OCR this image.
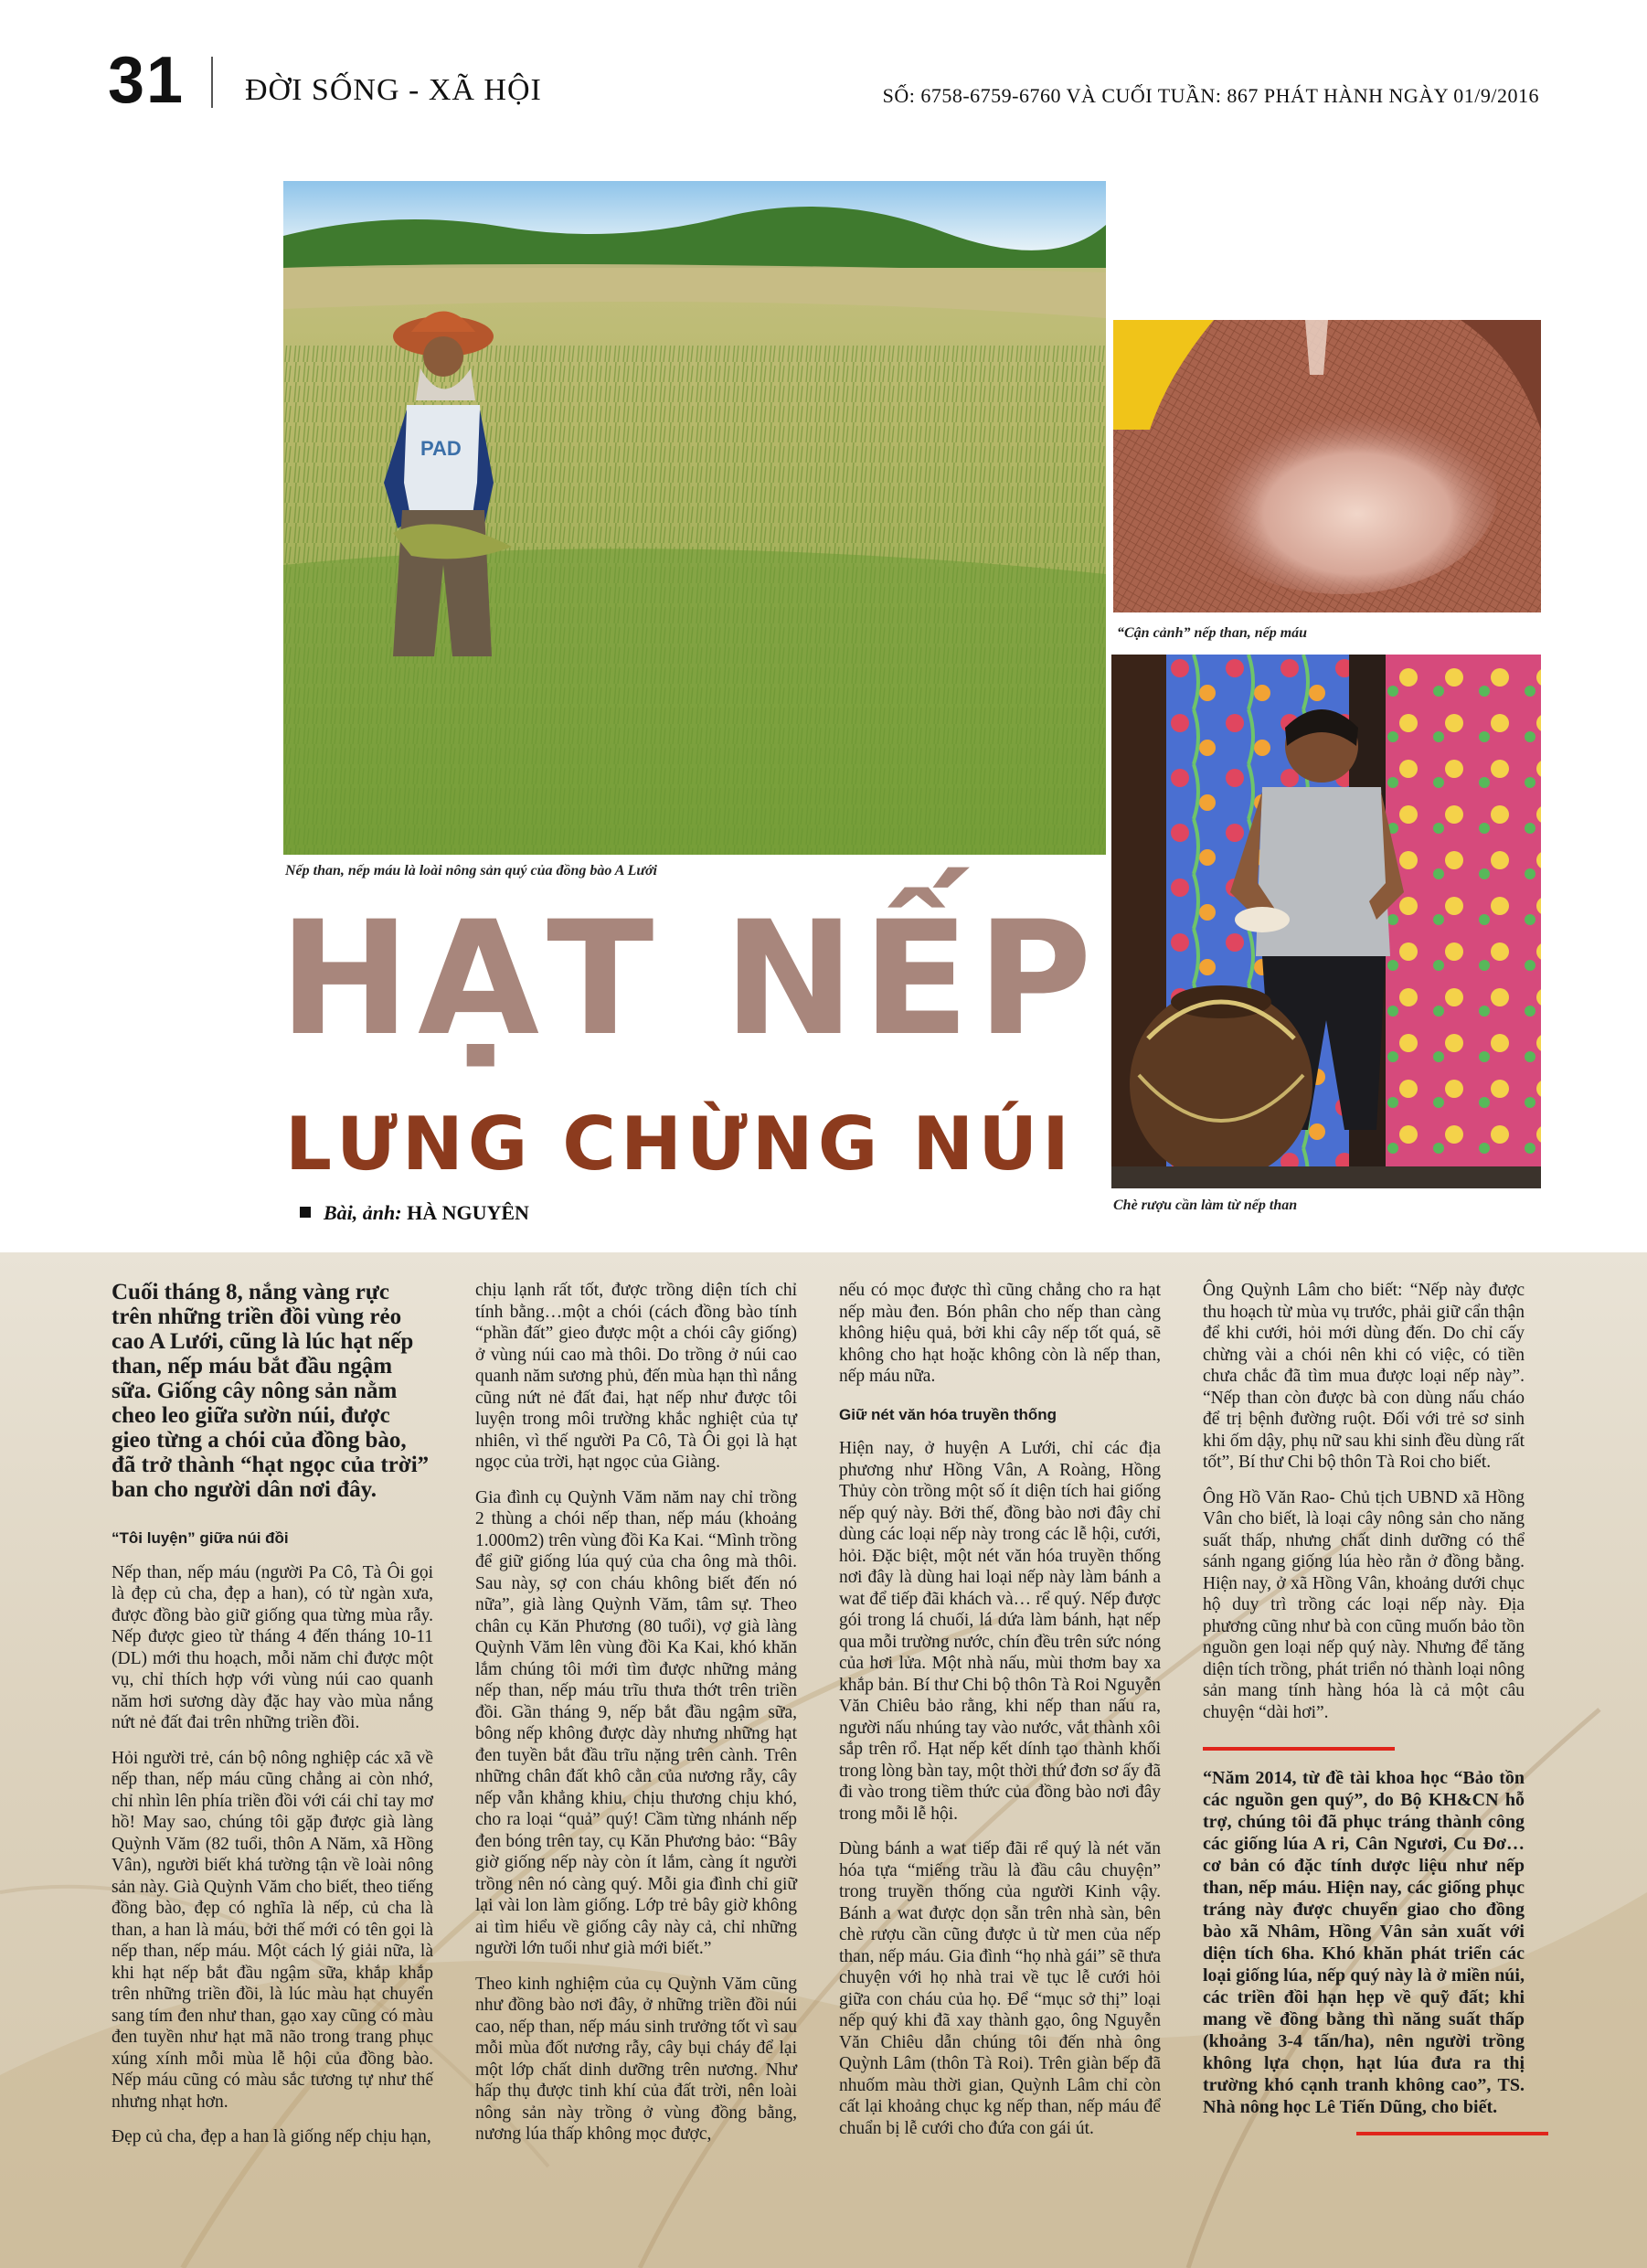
31 ĐỜI SỐNG - XÃ HỘI	SỐ: 6758-6759-6760 VÀ CUỐI TUẦN: 867 PHÁT HÀNH NGÀY 01/9/2016
PAD
Nếp than, nếp máu là loài nông sản quý của đồng bào A Lưới
“Cận cảnh” nếp than, nếp máu
Chè rượu cần làm từ nếp than
HẠT NẾP
LƯNG CHỪNG NÚI
Bài, ảnh: HÀ NGUYÊN

Cuối tháng 8, nắng vàng rực trên những triền đồi vùng rẻo cao A Lưới, cũng là lúc hạt nếp than, nếp máu bắt đầu ngậm sữa. Giống cây nông sản nằm cheo leo giữa sườn núi, được gieo từng a chói của đồng bào, đã trở thành “hạt ngọc của trời” ban cho người dân nơi đây.

“Tôi luyện” giữa núi đồi

Nếp than, nếp máu (người Pa Cô, Tà Ôi gọi là đẹp củ cha, đẹp a han), có từ ngàn xưa, được đồng bào giữ giống qua từng mùa rẫy. Nếp được gieo từ tháng 4 đến tháng 10-11 (DL) mới thu hoạch, mỗi năm chỉ được một vụ, chỉ thích hợp với vùng núi cao quanh năm hơi sương dày đặc hay vào mùa nắng nứt nẻ đất đai trên những triền đồi.

Hỏi người trẻ, cán bộ nông nghiệp các xã về nếp than, nếp máu cũng chẳng ai còn nhớ, chỉ nhìn lên phía triền đồi với cái chỉ tay mơ hồ! May sao, chúng tôi gặp được già làng Quỳnh Văm (82 tuổi, thôn A Năm, xã Hồng Vân), người biết khá tường tận về loài nông sản này. Già Quỳnh Văm cho biết, theo tiếng đồng bào, đẹp có nghĩa là nếp, củ cha là than, a han là máu, bởi thế mới có tên gọi là nếp than, nếp máu. Một cách lý giải nữa, là khi hạt nếp bắt đầu ngậm sữa, khắp khắp trên những triền đồi, là lúc màu hạt chuyển sang tím đen như than, gạo xay cũng có màu đen tuyền như hạt mã não trong trang phục xúng xính mỗi mùa lễ hội của đồng bào. Nếp máu cũng có màu sắc tương tự như thế nhưng nhạt hơn.

Đẹp củ cha, đẹp a han là giống nếp chịu hạn,

chịu lạnh rất tốt, được trồng diện tích chỉ tính bằng…một a chói (cách đồng bào tính “phần đất” gieo được một a chói cây giống) ở vùng núi cao mà thôi. Do trồng ở núi cao quanh năm sương phủ, đến mùa hạn thì nắng cũng nứt nẻ đất đai, hạt nếp như được tôi luyện trong môi trường khắc nghiệt của tự nhiên, vì thế người Pa Cô, Tà Ôi gọi là hạt ngọc của trời, hạt ngọc của Giàng.

Gia đình cụ Quỳnh Văm năm nay chỉ trồng 2 thùng a chói nếp than, nếp máu (khoảng 1.000m2) trên vùng đồi Ka Kai. “Mình trồng để giữ giống lúa quý của cha ông mà thôi. Sau này, sợ con cháu không biết đến nó nữa”, già làng Quỳnh Văm, tâm sự. Theo chân cụ Kăn Phương (80 tuổi), vợ già làng Quỳnh Văm lên vùng đồi Ka Kai, khó khăn lắm chúng tôi mới tìm được những mảng nếp than, nếp máu trĩu thưa thớt trên triền đồi. Gần tháng 9, nếp bắt đầu ngậm sữa, bông nếp không được dày nhưng những hạt đen tuyền bắt đầu trĩu nặng trên cành. Trên những chân đất khô cằn của nương rẫy, cây nếp vẫn khẳng khiu, chịu thương chịu khó, cho ra loại “quả” quý! Cầm từng nhánh nếp đen bóng trên tay, cụ Kăn Phương bảo: “Bây giờ giống nếp này còn ít lắm, càng ít người trồng nên nó càng quý. Mỗi gia đình chỉ giữ lại vài lon làm giống. Lớp trẻ bây giờ không ai tìm hiểu về giống cây này cả, chỉ những người lớn tuổi như già mới biết.”

Theo kinh nghiệm của cụ Quỳnh Văm cũng như đồng bào nơi đây, ở những triền đồi núi cao, nếp than, nếp máu sinh trưởng tốt vì sau mỗi mùa đốt nương rẫy, cây bụi cháy để lại một lớp chất dinh dưỡng trên nương. Như hấp thụ được tinh khí của đất trời, nên loài nông sản này trồng ở vùng đồng bằng, nương lúa thấp không mọc được,

nếu có mọc được thì cũng chẳng cho ra hạt nếp màu đen. Bón phân cho nếp than càng không hiệu quả, bởi khi cây nếp tốt quá, sẽ không cho hạt hoặc không còn là nếp than, nếp máu nữa.

Giữ nét văn hóa truyền thống

Hiện nay, ở huyện A Lưới, chỉ các địa phương như Hồng Vân, A Roàng, Hồng Thủy còn trồng một số ít diện tích hai giống nếp quý này. Bởi thế, đồng bào nơi đây chỉ dùng các loại nếp này trong các lễ hội, cưới, hỏi. Đặc biệt, một nét văn hóa truyền thống nơi đây là dùng hai loại nếp này làm bánh a wat để tiếp đãi khách và… rể quý. Nếp được gói trong lá chuối, lá dứa làm bánh, hạt nếp qua mỗi trường nước, chín đều trên sức nóng của hơi lửa. Một nhà nấu, mùi thơm bay xa khắp bản. Bí thư Chi bộ thôn Tà Roi Nguyễn Văn Chiêu bảo rằng, khi nếp than nấu ra, người nấu nhúng tay vào nước, vắt thành xôi sắp trên rổ. Hạt nếp kết dính tạo thành khối trong lòng bàn tay, một thời thứ đơn sơ ấy đã đi vào trong tiềm thức của đồng bào nơi đây trong mỗi lễ hội.

Dùng bánh a wat tiếp đãi rể quý là nét văn hóa tựa “miếng trầu là đầu câu chuyện” trong truyền thống của người Kinh vậy. Bánh a wat được dọn sẵn trên nhà sàn, bên chè rượu cần cũng được ủ từ men của nếp than, nếp máu. Gia đình “họ nhà gái” sẽ thưa chuyện với họ nhà trai về tục lễ cưới hỏi giữa con cháu của họ. Để “mục sở thị” loại nếp quý khi đã xay thành gạo, ông Nguyễn Văn Chiêu dẫn chúng tôi đến nhà ông Quỳnh Lâm (thôn Tà Roi). Trên giàn bếp đã nhuốm màu thời gian, Quỳnh Lâm chỉ còn cất lại khoảng chục kg nếp than, nếp máu để chuẩn bị lễ cưới cho đứa con gái út.

Ông Quỳnh Lâm cho biết: “Nếp này được thu hoạch từ mùa vụ trước, phải giữ cẩn thận để khi cưới, hỏi mới dùng đến. Do chỉ cấy chừng vài a chói nên khi có việc, có tiền chưa chắc đã tìm mua được loại nếp này”. “Nếp than còn được bà con dùng nấu cháo để trị bệnh đường ruột. Đối với trẻ sơ sinh khi ốm dậy, phụ nữ sau khi sinh đều dùng rất tốt”, Bí thư Chi bộ thôn Tà Roi cho biết.

Ông Hồ Văn Rao- Chủ tịch UBND xã Hồng Vân cho biết, là loại cây nông sản cho năng suất thấp, nhưng chất dinh dưỡng có thể sánh ngang giống lúa hèo rằn ở đồng bằng. Hiện nay, ở xã Hồng Vân, khoảng dưới chục hộ duy trì trồng các loại nếp này. Địa phương cũng như bà con cũng muốn bảo tồn nguồn gen loại nếp quý này. Nhưng để tăng diện tích trồng, phát triển nó thành loại nông sản mang tính hàng hóa là cả một câu chuyện “dài hơi”.

“Năm 2014, từ đề tài khoa học “Bảo tồn các nguồn gen quý”, do Bộ KH&CN hỗ trợ, chúng tôi đã phục tráng thành công các giống lúa A ri, Cân Ngươi, Cu Đơ… cơ bản có đặc tính dược liệu như nếp than, nếp máu. Hiện nay, các giống phục tráng này được chuyển giao cho đồng bào xã Nhâm, Hồng Vân sản xuất với diện tích 6ha. Khó khăn phát triển các loại giống lúa, nếp quý này là ở miền núi, các triền đồi hạn hẹp về quỹ đất; khi mang về đồng bằng thì năng suất thấp (khoảng 3-4 tấn/ha), nên người trồng không lựa chọn, hạt lúa đưa ra thị trường khó cạnh tranh không cao”, TS. Nhà nông học Lê Tiến Dũng, cho biết.
